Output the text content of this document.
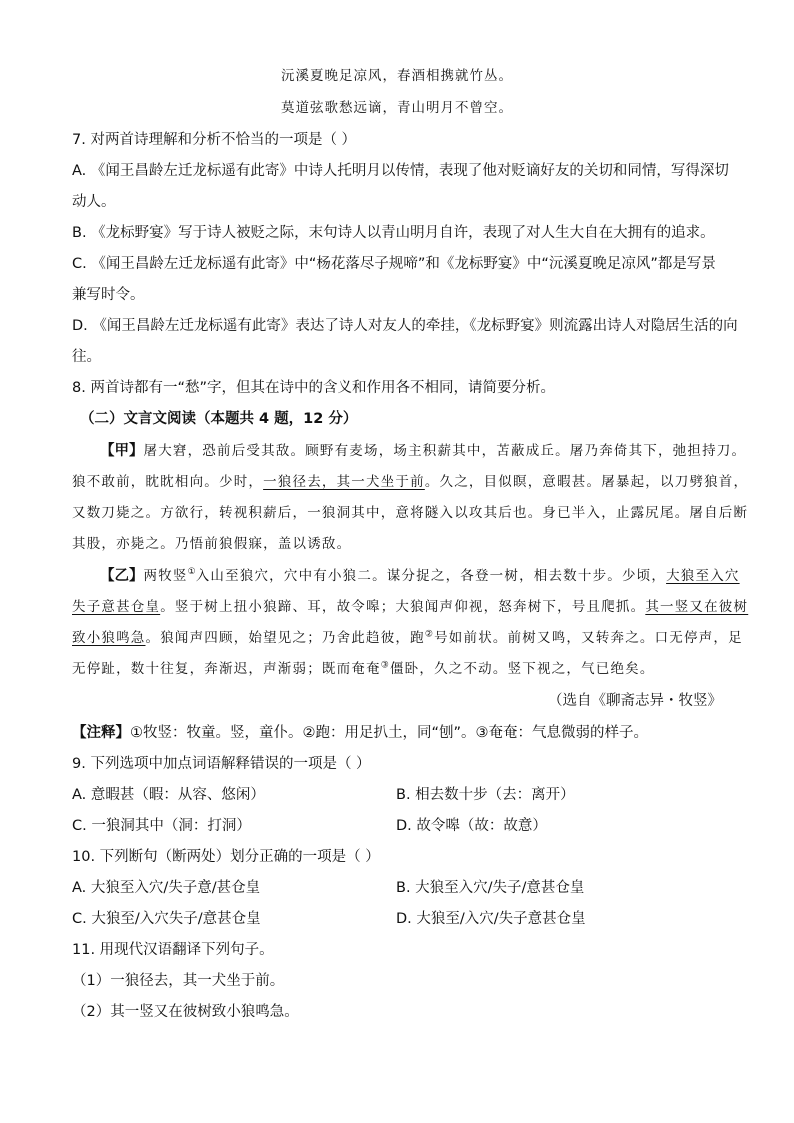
沅溪夏晚足凉风，春酒相携就竹丛。
莫道弦歌愁远谪，青山明月不曾空。
7. 对两首诗理解和分析不恰当的一项是（ ）
A. 《闻王昌龄左迁龙标遥有此寄》中诗人托明月以传情，表现了他对贬谪好友的关切和同情，写得深切
动人。
B. 《龙标野宴》写于诗人被贬之际，末句诗人以青山明月自许，表现了对人生大自在大拥有的追求。
C. 《闻王昌龄左迁龙标遥有此寄》中“杨花落尽子规啼”和《龙标野宴》中“沅溪夏晚足凉风”都是写景
兼写时令。
D. 《闻王昌龄左迁龙标遥有此寄》表达了诗人对友人的牵挂，《龙标野宴》则流露出诗人对隐居生活的向
往。
8. 两首诗都有一“愁”字，但其在诗中的含义和作用各不相同，请简要分析。
（二）文言文阅读（本题共 4 题，12 分）
【甲】屠大窘，恐前后受其敌。顾野有麦场，场主积薪其中，苫蔽成丘。屠乃奔倚其下，弛担持刀。
狼不敢前，眈眈相向。少时，一狼径去，其一犬坐于前。久之，目似瞑，意暇甚。屠暴起，以刀劈狼首，
又数刀毙之。方欲行，转视积薪后，一狼洞其中，意将隧入以攻其后也。身已半入，止露尻尾。屠自后断
其股，亦毙之。乃悟前狼假寐，盖以诱敌。
【乙】两牧竖①入山至狼穴，穴中有小狼二。谋分捉之，各登一树，相去数十步。少顷，大狼至入穴
失子意甚仓皇。竖于树上扭小狼蹄、耳，故令嗥；大狼闻声仰视，怒奔树下，号且爬抓。其一竖又在彼树
致小狼鸣急。狼闻声四顾，始望见之；乃舍此趋彼，跑②号如前状。前树又鸣，又转奔之。口无停声，足
无停趾，数十往复，奔渐迟，声渐弱；既而奄奄③僵卧，久之不动。竖下视之，气已绝矣。
（选自《聊斋志异・牧竖》
【注释】①牧竖：牧童。竖，童仆。②跑：用足扒土，同“刨”。③奄奄：气息微弱的样子。
9. 下列选项中加点词语解释错误的一项是（ ）
A. 意暇甚（暇：从容、悠闲）	B. 相去数十步（去：离开）
C. 一狼洞其中（洞：打洞）	D. 故令嗥（故：故意）
10. 下列断句（断两处）划分正确的一项是（ ）
A. 大狼至入穴/失子意/甚仓皇	B. 大狼至入穴/失子/意甚仓皇
C. 大狼至/入穴失子/意甚仓皇	D. 大狼至/入穴/失子意甚仓皇
11. 用现代汉语翻译下列句子。
（1）一狼径去，其一犬坐于前。
（2）其一竖又在彼树致小狼鸣急。
